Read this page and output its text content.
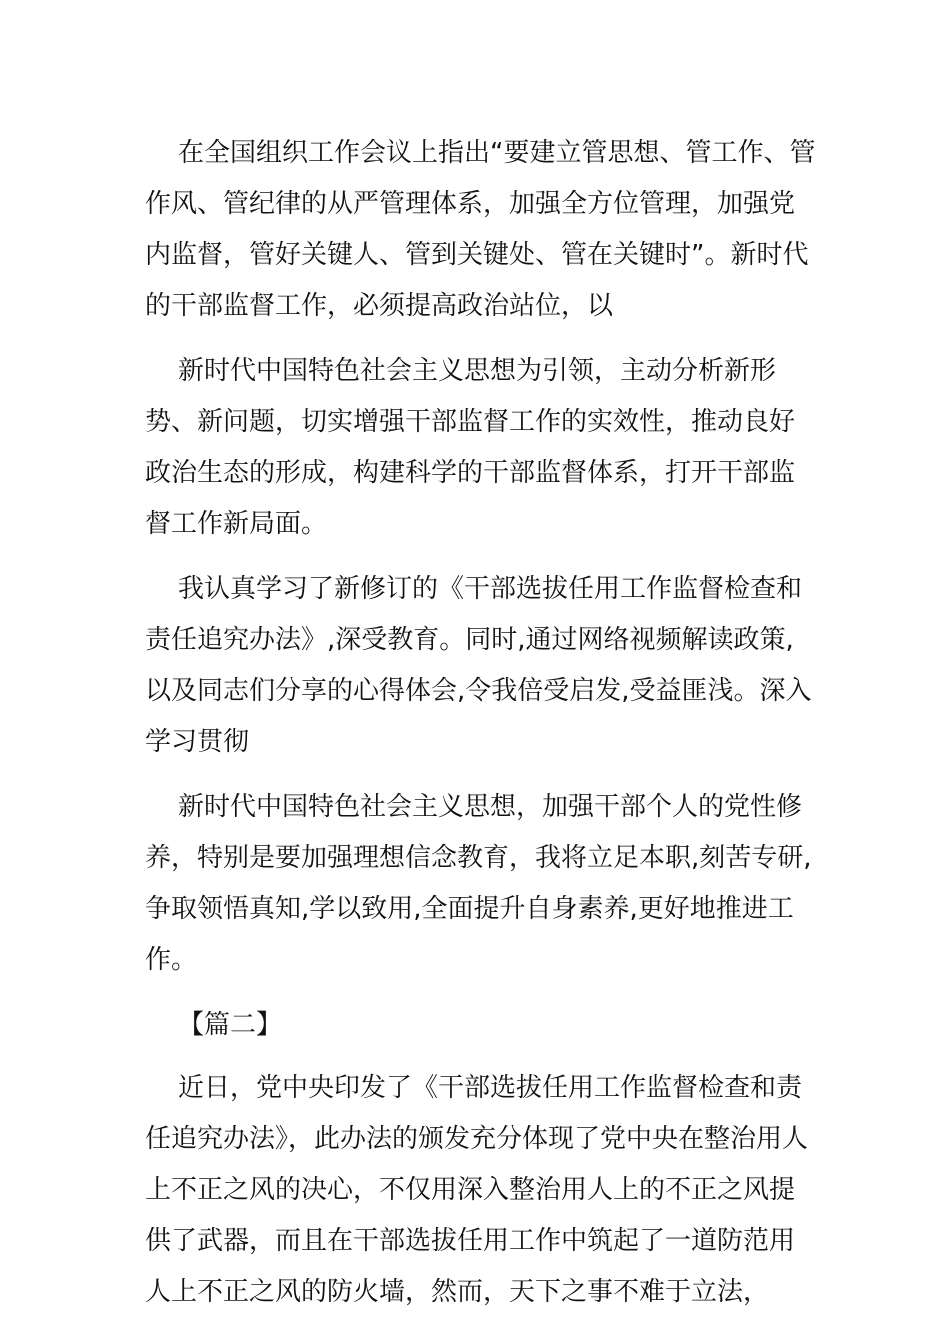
在全国组织工作会议上指出“要建立管思想、管工作、管作风、管纪律的从严管理体系，加强全方位管理，加强党内监督，管好关键人、管到关键处、管在关键时”。新时代的干部监督工作，必须提高政治站位，以

新时代中国特色社会主义思想为引领，主动分析新形势、新问题，切实增强干部监督工作的实效性，推动良好政治生态的形成，构建科学的干部监督体系，打开干部监督工作新局面。

我认真学习了新修订的《干部选拔任用工作监督检查和责任追究办法》,深受教育。同时,通过网络视频解读政策,以及同志们分享的心得体会,令我倍受启发,受益匪浅。深入学习贯彻

新时代中国特色社会主义思想，加强干部个人的党性修养，特别是要加强理想信念教育，我将立足本职,刻苦专研,争取领悟真知,学以致用,全面提升自身素养,更好地推进工作。

【篇二】

近日，党中央印发了《干部选拔任用工作监督检查和责任追究办法》，此办法的颁发充分体现了党中央在整治用人上不正之风的决心，不仅用深入整治用人上的不正之风提供了武器，而且在干部选拔任用工作中筑起了一道防范用人上不正之风的防火墙，然而，天下之事不难于立法，
